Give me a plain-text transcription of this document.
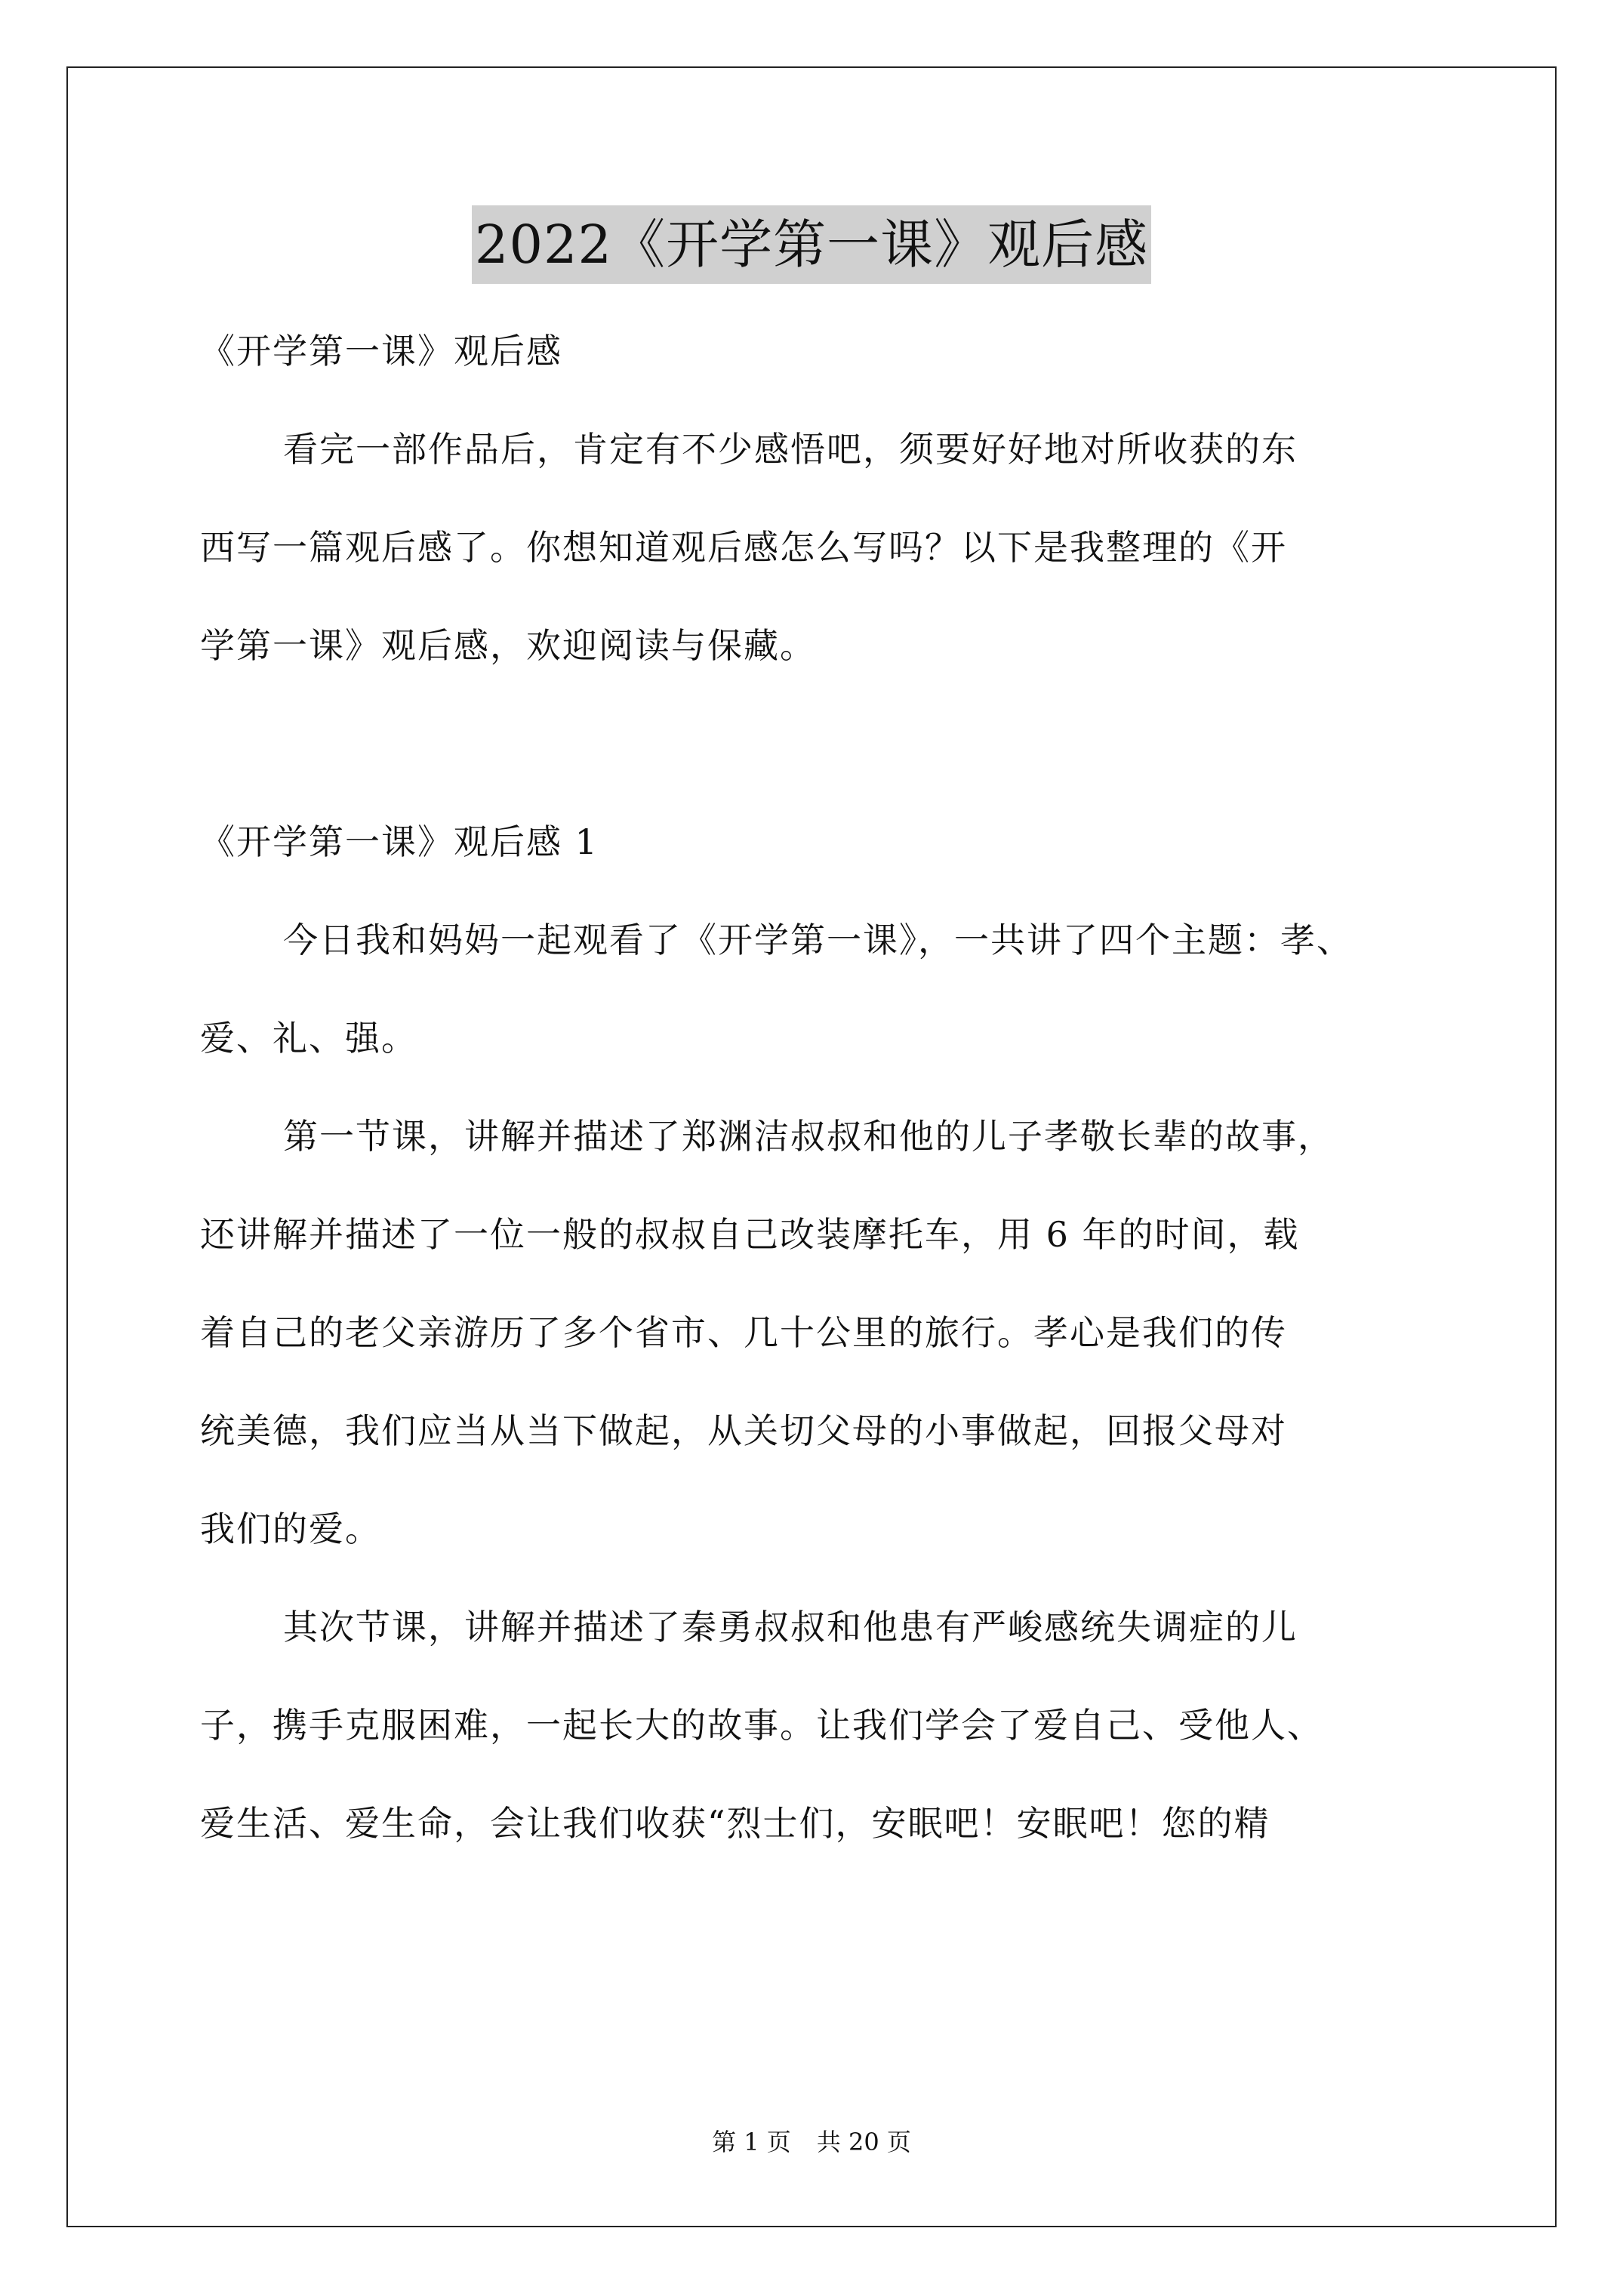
2022《开学第一课》观后感
《开学第一课》观后感
看完一部作品后，肯定有不少感悟吧，须要好好地对所收获的东
西写一篇观后感了。你想知道观后感怎么写吗？以下是我整理的《开
学第一课》观后感，欢迎阅读与保藏。
《开学第一课》观后感 1
今日我和妈妈一起观看了《开学第一课》，一共讲了四个主题：孝、
爱、礼、强。
第一节课，讲解并描述了郑渊洁叔叔和他的儿子孝敬长辈的故事，
还讲解并描述了一位一般的叔叔自己改装摩托车，用 6 年的时间，载
着自己的老父亲游历了多个省市、几十公里的旅行。孝心是我们的传
统美德，我们应当从当下做起，从关切父母的小事做起，回报父母对
我们的爱。
其次节课，讲解并描述了秦勇叔叔和他患有严峻感统失调症的儿
子，携手克服困难，一起长大的故事。让我们学会了爱自己、受他人、
爱生活、爱生命，会让我们收获“烈士们，安眠吧！安眠吧！您的精
第 1 页 共 20 页
